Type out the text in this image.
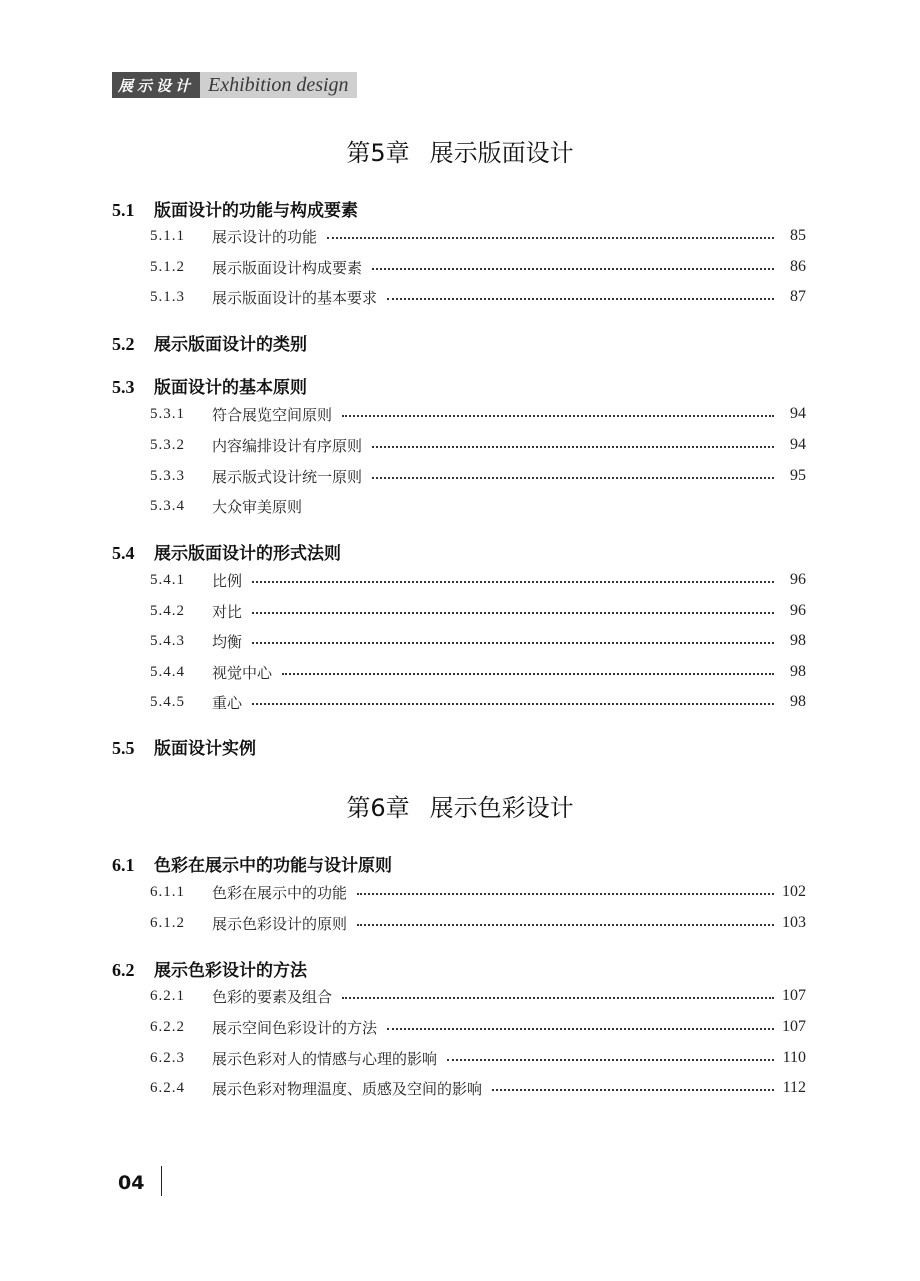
展示设计 Exhibition design
第5章 展示版面设计
5.1 版面设计的功能与构成要素
5.1.1	展示设计的功能	85
5.1.2	展示版面设计构成要素	86
5.1.3	展示版面设计的基本要求	87
5.2 展示版面设计的类别
5.3 版面设计的基本原则
5.3.1	符合展览空间原则	94
5.3.2	内容编排设计有序原则	94
5.3.3	展示版式设计统一原则	95
5.3.4	大众审美原则
5.4 展示版面设计的形式法则
5.4.1	比例	96
5.4.2	对比	96
5.4.3	均衡	98
5.4.4	视觉中心	98
5.4.5	重心	98
5.5 版面设计实例
第6章 展示色彩设计
6.1 色彩在展示中的功能与设计原则
6.1.1	色彩在展示中的功能	102
6.1.2	展示色彩设计的原则	103
6.2 展示色彩设计的方法
6.2.1	色彩的要素及组合	107
6.2.2	展示空间色彩设计的方法	107
6.2.3	展示色彩对人的情感与心理的影响	110
6.2.4	展示色彩对物理温度、质感及空间的影响	112
04
